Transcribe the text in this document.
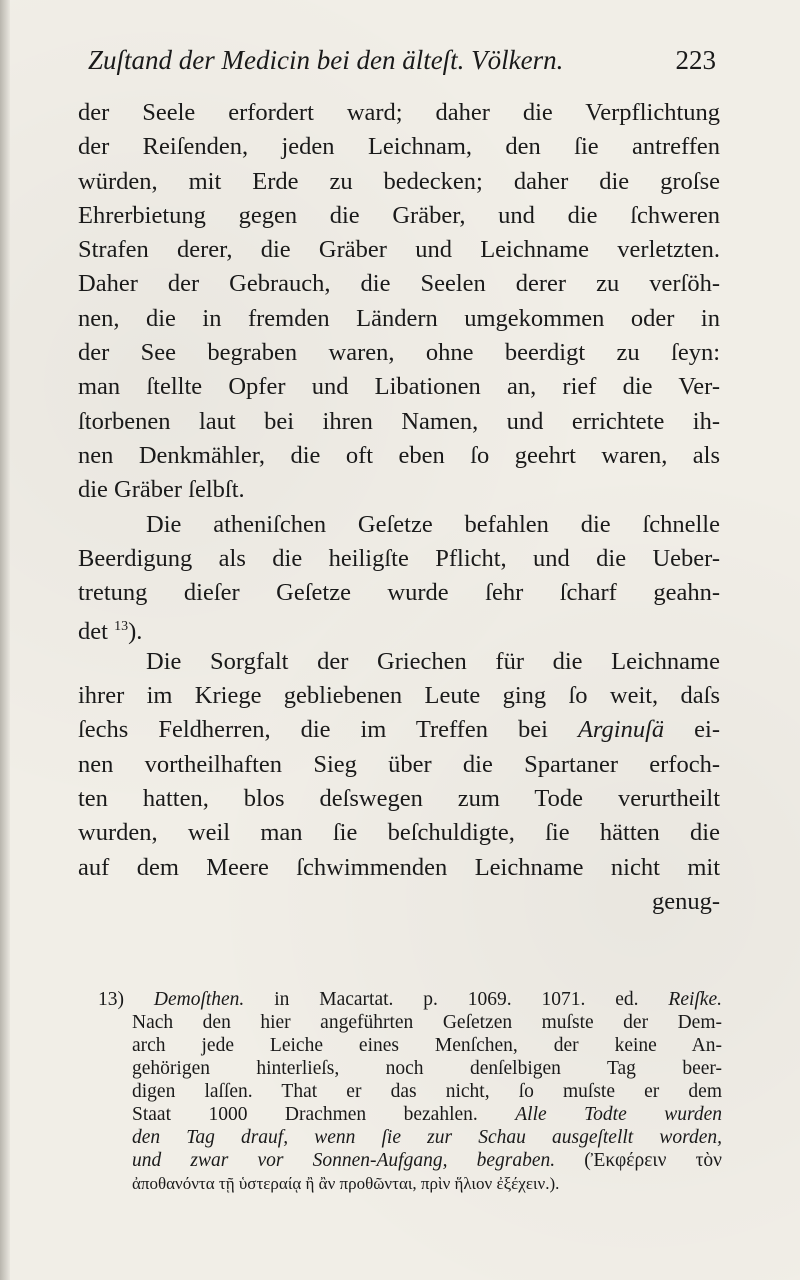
Zuſtand der Medicin bei den älteſt. Völkern.	223
der Seele erfordert ward; daher die Verpflichtung
der Reiſenden, jeden Leichnam, den ſie antreffen
würden, mit Erde zu bedecken; daher die groſse
Ehrerbietung gegen die Gräber, und die ſchweren
Strafen derer, die Gräber und Leichname verletzten.
Daher der Gebrauch, die Seelen derer zu verſöh-
nen, die in fremden Ländern umgekommen oder in
der See begraben waren, ohne beerdigt zu ſeyn:
man ſtellte Opfer und Libationen an, rief die Ver-
ſtorbenen laut bei ihren Namen, und errichtete ih-
nen Denkmähler, die oft eben ſo geehrt waren, als
die Gräber ſelbſt.
Die atheniſchen Geſetze befahlen die ſchnelle
Beerdigung als die heiligſte Pflicht, und die Ueber-
tretung dieſer Geſetze wurde ſehr ſcharf geahn-
det $^{13}$).
Die Sorgfalt der Griechen für die Leichname
ihrer im Kriege gebliebenen Leute ging ſo weit, daſs
ſechs Feldherren, die im Treffen bei Arginuſä ei-
nen vortheilhaften Sieg über die Spartaner erfoch-
ten hatten, blos deſswegen zum Tode verurtheilt
wurden, weil man ſie beſchuldigte, ſie hätten die
auf dem Meere ſchwimmenden Leichname nicht mit
genug-
13) Demoſthen. in Macartat. p. 1069. 1071. ed. Reiſke.
Nach den hier angeführten Geſetzen muſste der Dem-
arch jede Leiche eines Menſchen, der keine An-
gehörigen hinterlieſs, noch denſelbigen Tag beer-
digen laſſen. That er das nicht, ſo muſste er dem
Staat 1000 Drachmen bezahlen. Alle Todte wurden
den Tag drauf, wenn ſie zur Schau ausgeſtellt worden,
und zwar vor Sonnen-Aufgang, begraben. (Ἐκφέρειν τὸν
ἀποθανόντα τῇ ὑστεραίᾳ ἢ ἂν προθῶνται, πρὶν ἥλιον ἐξέχειν.).
